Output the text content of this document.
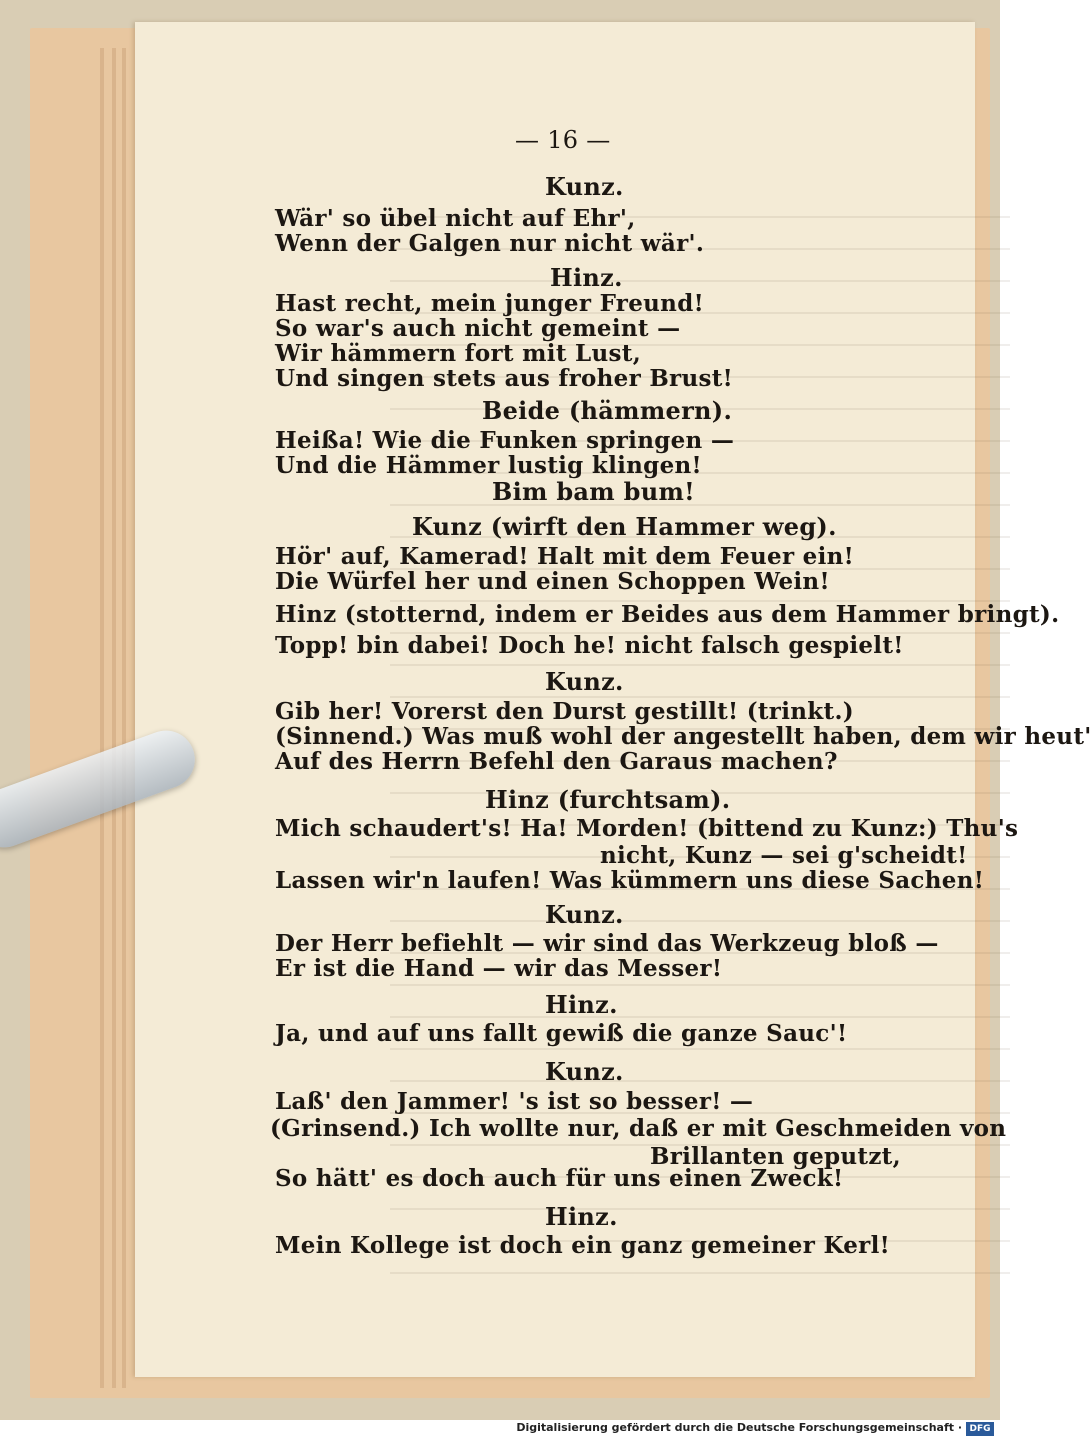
— 16 —
Kunz.
Wär' so übel nicht auf Ehr',
Wenn der Galgen nur nicht wär'.
Hinz.
Hast recht, mein junger Freund!
So war's auch nicht gemeint —
Wir hämmern fort mit Lust,
Und singen stets aus froher Brust!
Beide (hämmern).
Heißa! Wie die Funken springen —
Und die Hämmer lustig klingen!
Bim bam bum!
Kunz (wirft den Hammer weg).
Hör' auf, Kamerad! Halt mit dem Feuer ein!
Die Würfel her und einen Schoppen Wein!
Hinz (stotternd, indem er Beides aus dem Hammer bringt).
Topp! bin dabei! Doch he! nicht falsch gespielt!
Kunz.
Gib her! Vorerst den Durst gestillt! (trinkt.)
(Sinnend.) Was muß wohl der angestellt haben, dem wir heut'
Auf des Herrn Befehl den Garaus machen?
Hinz (furchtsam).
Mich schaudert's! Ha! Morden! (bittend zu Kunz:) Thu's
nicht, Kunz — sei g'scheidt!
Lassen wir'n laufen! Was kümmern uns diese Sachen!
Kunz.
Der Herr befiehlt — wir sind das Werkzeug bloß —
Er ist die Hand — wir das Messer!
Hinz.
Ja, und auf uns fallt gewiß die ganze Sauc'!
Kunz.
Laß' den Jammer! 's ist so besser! —
(Grinsend.) Ich wollte nur, daß er mit Geschmeiden von
Brillanten geputzt,
So hätt' es doch auch für uns einen Zweck!
Hinz.
Mein Kollege ist doch ein ganz gemeiner Kerl!
Digitalisierung gefördert durch die Deutsche Forschungsgemeinschaft · DFG
